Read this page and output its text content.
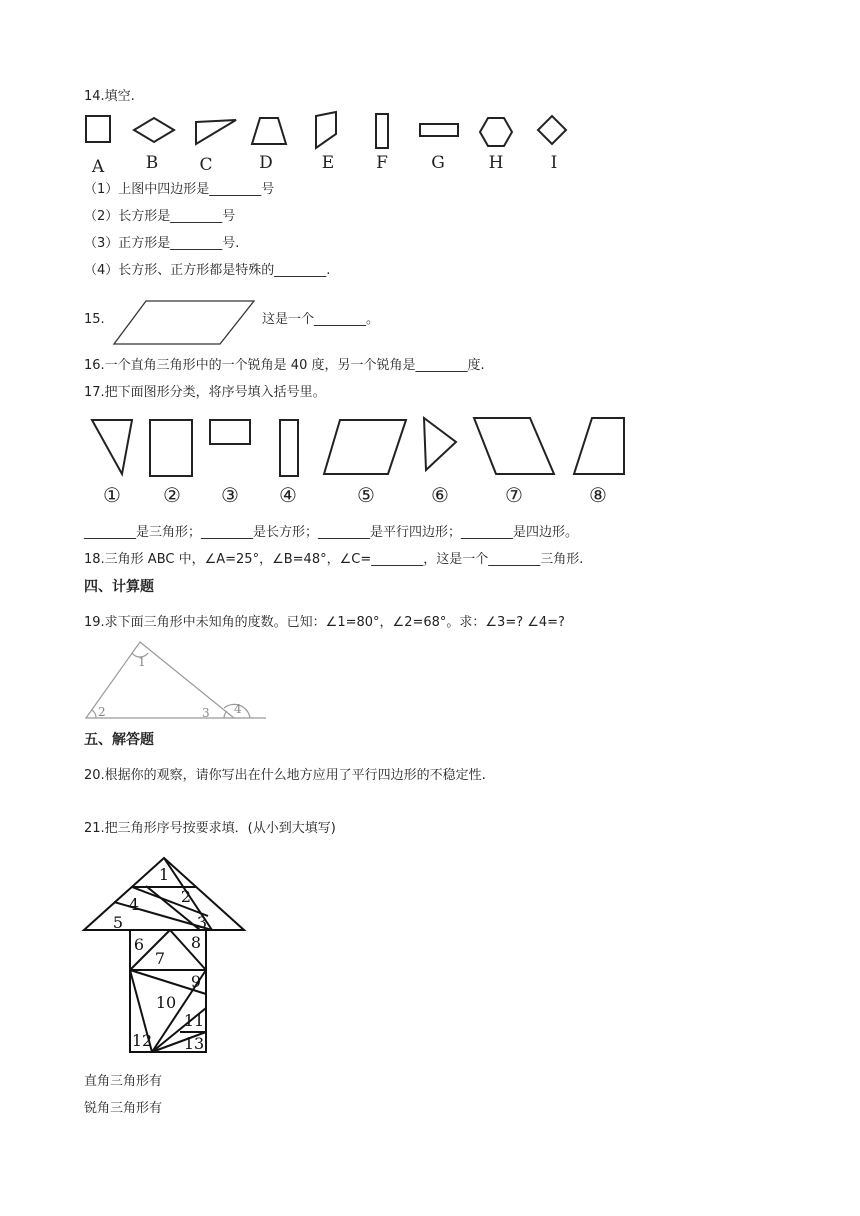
14.填空.
A B C	D	E F	G	H	I
（1）上图中四边形是________号
（2）长方形是________号
（3）正方形是________号.
（4）长方形、正方形都是特殊的________.
15.	这是一个________。
16.一个直角三角形中的一个锐角是 40 度，另一个锐角是________度.
17.把下面图形分类，将序号填入括号里。
① ② ③ ④	⑤	⑥	⑦	⑧
________是三角形；________是长方形；________是平行四边形；________是四边形。
18.三角形 ABC 中，∠A=25°，∠B=48°，∠C=________，这是一个________三角形.
四、计算题
19.求下面三角形中未知角的度数。已知：∠1=80°，∠2=68°。求：∠3=? ∠4=?
1
2	3 4
五、解答题
20.根据你的观察，请你写出在什么地方应用了平行四边形的不稳定性.
21.把三角形序号按要求填．(从小到大填写)
1
2
3
4
5
6
7
8
9
10
11
12 13
直角三角形有
锐角三角形有
